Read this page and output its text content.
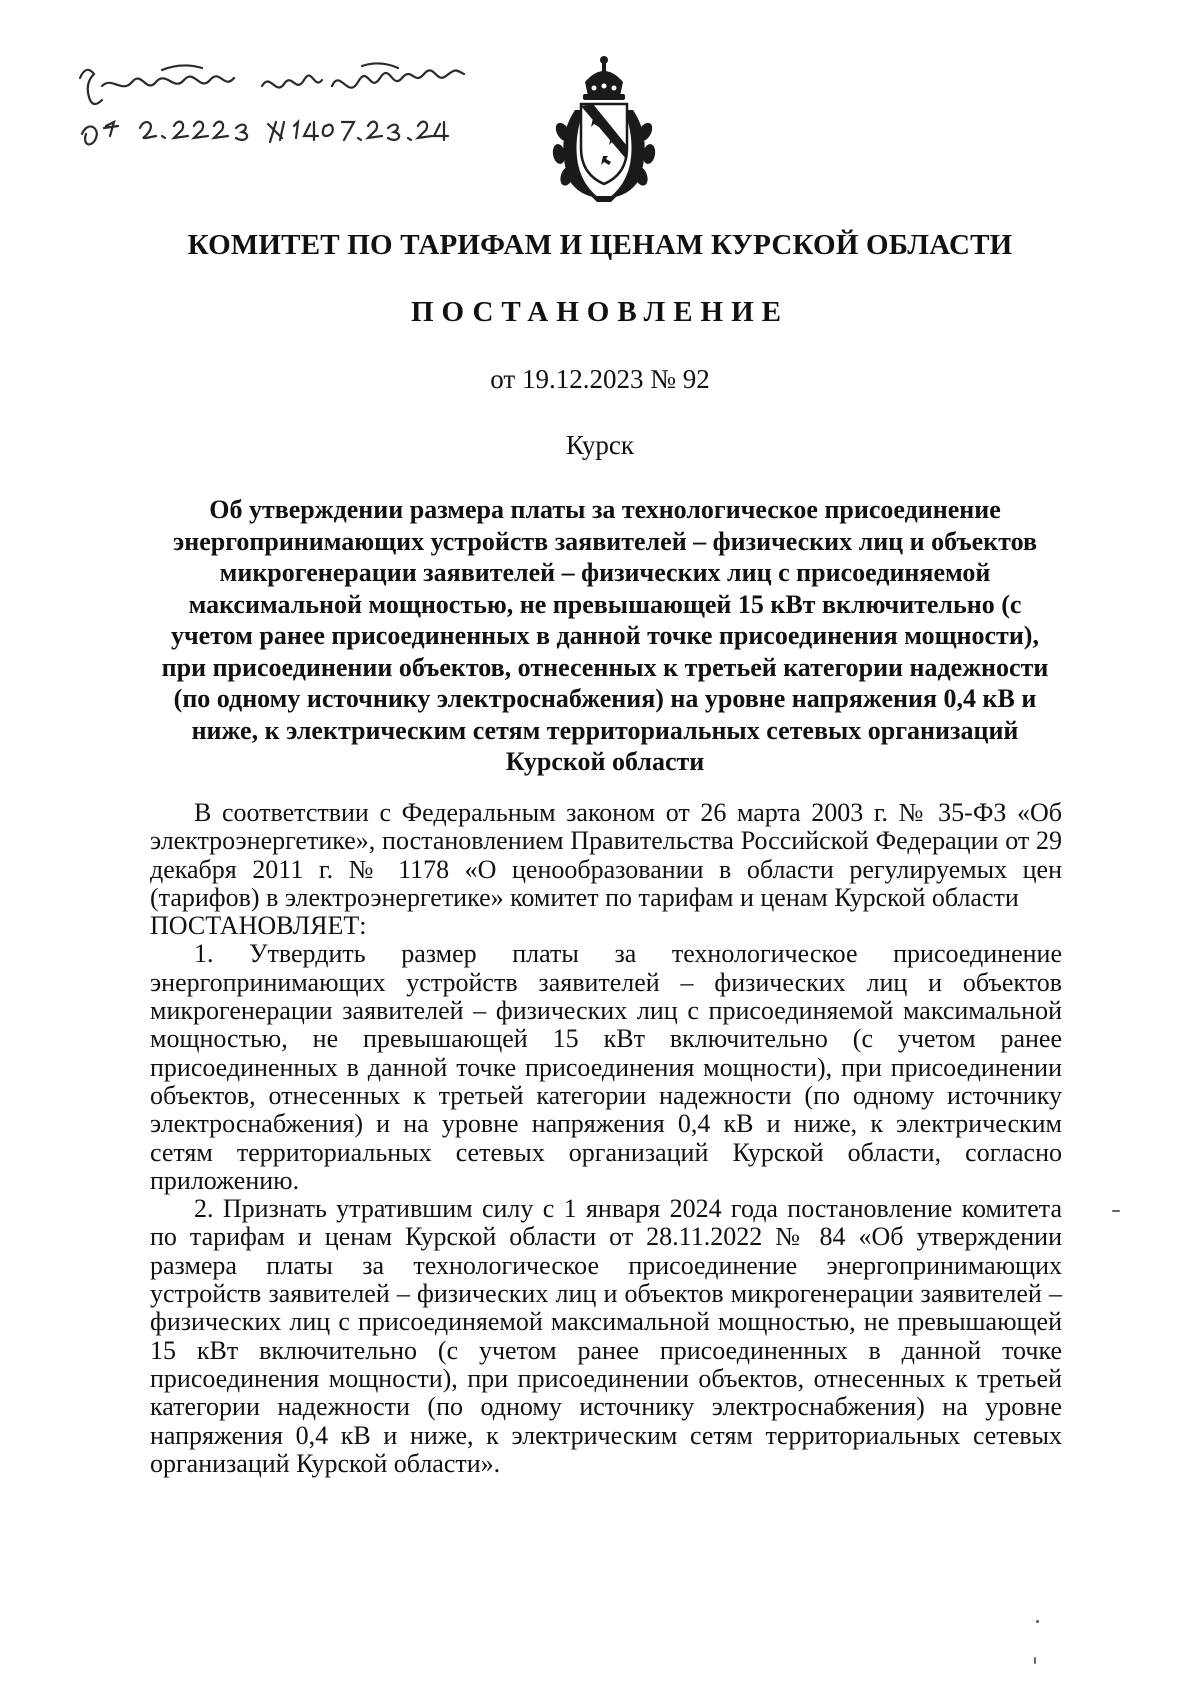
КОМИТЕТ ПО ТАРИФАМ И ЦЕНАМ КУРСКОЙ ОБЛАСТИ
ПОСТАНОВЛЕНИЕ
от 19.12.2023 № 92
Курск
Об утверждении размера платы за технологическое присоединение энергопринимающих устройств заявителей – физических лиц и объектов микрогенерации заявителей – физических лиц с присоединяемой максимальной мощностью, не превышающей 15 кВт включительно (с учетом ранее присоединенных в данной точке присоединения мощности), при присоединении объектов, отнесенных к третьей категории надежности (по одному источнику электроснабжения) на уровне напряжения 0,4 кВ и ниже, к электрическим сетям территориальных сетевых организаций Курской области

В соответствии с Федеральным законом от 26 марта 2003 г. № 35-ФЗ «Об электроэнергетике», постановлением Правительства Российской Федерации от 29 декабря 2011 г. № 1178 «О ценообразовании в области регулируемых цен (тарифов) в электроэнергетике» комитет по тарифам и ценам Курской области

ПОСТАНОВЛЯЕТ:

1. Утвердить размер платы за технологическое присоединение энергопринимающих устройств заявителей – физических лиц и объектов микрогенерации заявителей – физических лиц с присоединяемой максимальной мощностью, не превышающей 15 кВт включительно (с учетом ранее присоединенных в данной точке присоединения мощности), при присоединении объектов, отнесенных к третьей категории надежности (по одному источнику электроснабжения) и на уровне напряжения 0,4 кВ и ниже, к электрическим сетям территориальных сетевых организаций Курской области, согласно приложению.

2. Признать утратившим силу с 1 января 2024 года постановление комитета по тарифам и ценам Курской области от 28.11.2022 № 84 «Об утверждении размера платы за технологическое присоединение энергопринимающих устройств заявителей – физических лиц и объектов микрогенерации заявителей – физических лиц с присоединяемой максимальной мощностью, не превышающей 15 кВт включительно (с учетом ранее присоединенных в данной точке присоединения мощности), при присоединении объектов, отнесенных к третьей категории надежности (по одному источнику электроснабжения) на уровне напряжения 0,4 кВ и ниже, к электрическим сетям территориальных сетевых организаций Курской области».
